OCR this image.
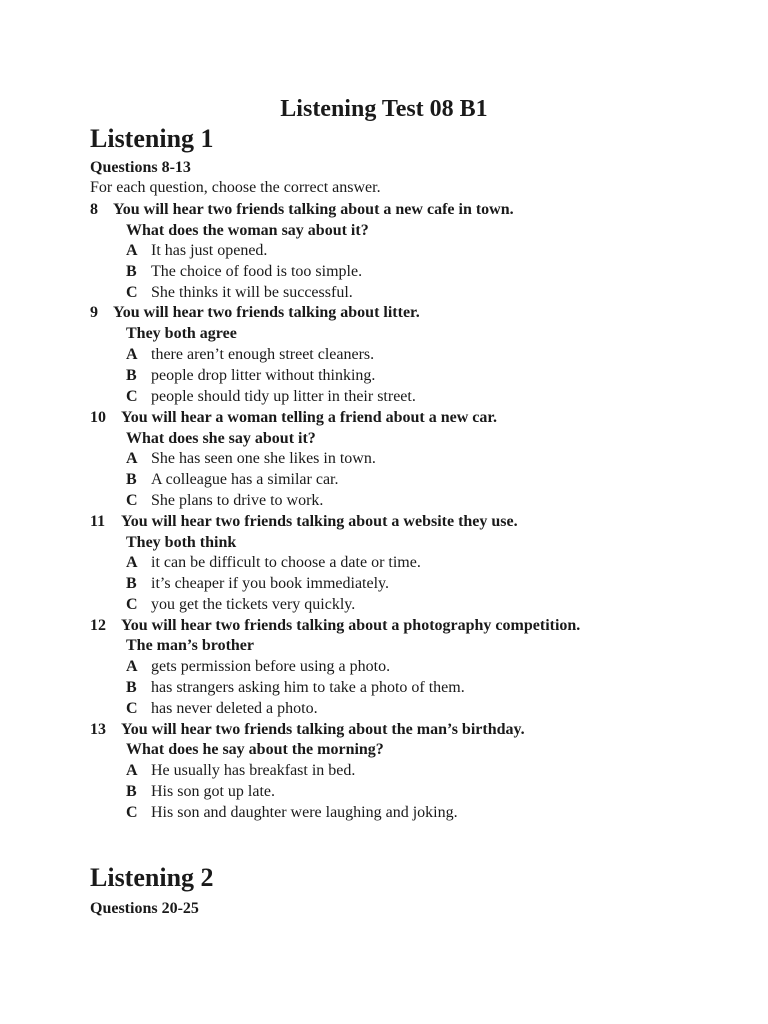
Listening Test 08 B1
Listening 1
Questions 8-13
For each question, choose the correct answer.
8 You will hear two friends talking about a new cafe in town.
What does the woman say about it?
A It has just opened.
B The choice of food is too simple.
C She thinks it will be successful.
9 You will hear two friends talking about litter.
They both agree
A there aren’t enough street cleaners.
B people drop litter without thinking.
C people should tidy up litter in their street.
10 You will hear a woman telling a friend about a new car.
What does she say about it?
A She has seen one she likes in town.
B A colleague has a similar car.
C She plans to drive to work.
11 You will hear two friends talking about a website they use.
They both think
A it can be difficult to choose a date or time.
B it’s cheaper if you book immediately.
C you get the tickets very quickly.
12 You will hear two friends talking about a photography competition.
The man’s brother
A gets permission before using a photo.
B has strangers asking him to take a photo of them.
C has never deleted a photo.
13 You will hear two friends talking about the man’s birthday.
What does he say about the morning?
A He usually has breakfast in bed.
B His son got up late.
C His son and daughter were laughing and joking.
Listening 2
Questions 20-25
